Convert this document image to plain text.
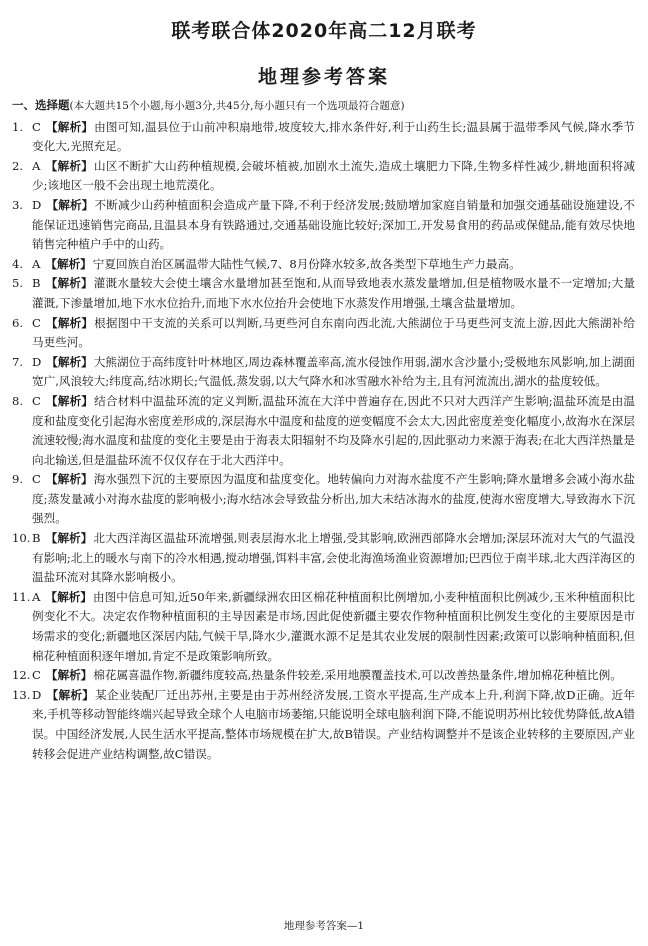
联考联合体2020年高二12月联考
地理参考答案
一、选择题(本大题共15个小题,每小题3分,共45分,每小题只有一个选项最符合题意)

1. C 【解析】由图可知,温县位于山前冲积扇地带,坡度较大,排水条件好,利于山药生长;温县属于温带季风气候,降水季节变化大,光照充足。

2. A 【解析】山区不断扩大山药种植规模,会破坏植被,加剧水土流失,造成土壤肥力下降,生物多样性减少,耕地面积将减少;该地区一般不会出现土地荒漠化。

3. D 【解析】不断减少山药种植面积会造成产量下降,不利于经济发展;鼓励增加家庭自销量和加强交通基础设施建设,不能保证迅速销售完商品,且温县本身有铁路通过,交通基础设施比较好;深加工,开发易食用的药品或保健品,能有效尽快地销售完种植户手中的山药。

4. A 【解析】宁夏回族自治区属温带大陆性气候,7、8月份降水较多,故各类型下草地生产力最高。

5. B 【解析】灌溉水量较大会使土壤含水量增加甚至饱和,从而导致地表水蒸发量增加,但是植物吸水量不一定增加;大量灌溉,下渗量增加,地下水水位抬升,而地下水水位抬升会使地下水蒸发作用增强,土壤含盐量增加。

6. C 【解析】根据图中干支流的关系可以判断,马更些河自东南向西北流,大熊湖位于马更些河支流上游,因此大熊湖补给马更些河。

7. D 【解析】大熊湖位于高纬度针叶林地区,周边森林覆盖率高,流水侵蚀作用弱,湖水含沙量小;受极地东风影响,加上湖面宽广,风浪较大;纬度高,结冰期长;气温低,蒸发弱,以大气降水和冰雪融水补给为主,且有河流流出,湖水的盐度较低。

8. C 【解析】结合材料中温盐环流的定义判断,温盐环流在大洋中普遍存在,因此不只对大西洋产生影响;温盐环流是由温度和盐度变化引起海水密度差形成的,深层海水中温度和盐度的逆变幅度不会太大,因此密度差变化幅度小,故海水在深层流速较慢;海水温度和盐度的变化主要是由于海表太阳辐射不均及降水引起的,因此驱动力来源于海表;在北大西洋热量是向北输送,但是温盐环流不仅仅存在于北大西洋中。

9. C 【解析】海水强烈下沉的主要原因为温度和盐度变化。地转偏向力对海水盐度不产生影响;降水量增多会减小海水盐度;蒸发量减小对海水盐度的影响极小;海水结冰会导致盐分析出,加大未结冰海水的盐度,使海水密度增大,导致海水下沉强烈。

10. B 【解析】北大西洋海区温盐环流增强,则表层海水北上增强,受其影响,欧洲西部降水会增加;深层环流对大气的气温没有影响;北上的暖水与南下的冷水相遇,搅动增强,饵料丰富,会使北海渔场渔业资源增加;巴西位于南半球,北大西洋海区的温盐环流对其降水影响极小。

11. A 【解析】由图中信息可知,近50年来,新疆绿洲农田区棉花种植面积比例增加,小麦种植面积比例减少,玉米种植面积比例变化不大。决定农作物种植面积的主导因素是市场,因此促使新疆主要农作物种植面积比例发生变化的主要原因是市场需求的变化;新疆地区深居内陆,气候干旱,降水少,灌溉水源不足是其农业发展的限制性因素;政策可以影响种植面积,但棉花种植面积逐年增加,肯定不是政策影响所致。

12. C 【解析】棉花属喜温作物,新疆纬度较高,热量条件较差,采用地膜覆盖技术,可以改善热量条件,增加棉花种植比例。

13. D 【解析】某企业装配厂迁出苏州,主要是由于苏州经济发展,工资水平提高,生产成本上升,利润下降,故D正确。近年来,手机等移动智能终端兴起导致全球个人电脑市场萎缩,只能说明全球电脑利润下降,不能说明苏州比较优势降低,故A错误。中国经济发展,人民生活水平提高,整体市场规模在扩大,故B错误。产业结构调整并不是该企业转移的主要原因,产业转移会促进产业结构调整,故C错误。

地理参考答案—1
